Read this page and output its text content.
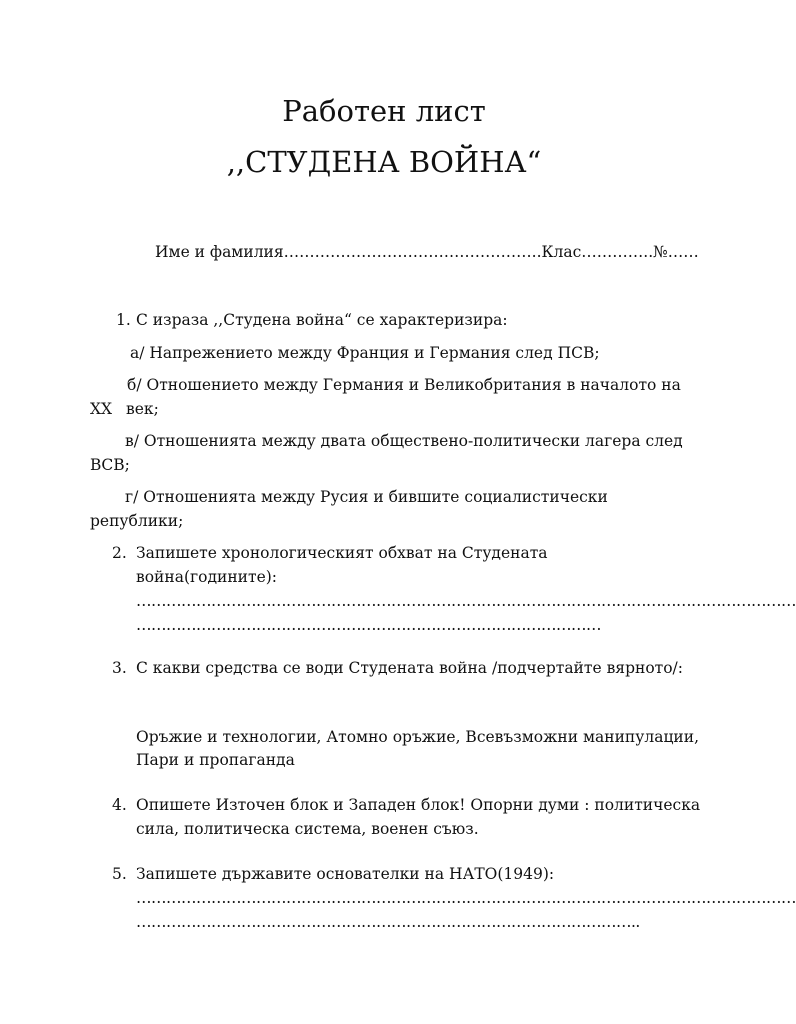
Работен лист
,,СТУДЕНА ВОЙНА“
Име и фамилия…………………………………………..Клас…………..№……
1. С израза ,,Студена война“ се характеризира:
а/ Напрежението между Франция и Германия след ПСВ;
б/ Отношението между Германия и Великобритания в началото на
ХХ век;
в/ Отношенията между двата обществено-политически лагера след
ВСВ;
г/ Отношенията между Русия и бившите социалистически
републики;
2. Запишете хронологическият обхват на Студената
война(годините):
……………………………………………………………………………………………………………………
…………………………………………………………………………………
3. С какви средства се води Студената война /подчертайте вярното/:
Оръжие и технологии, Атомно оръжие, Всевъзможни манипулации,
Пари и пропаганда
4. Опишете Източен блок и Западен блок! Опорни думи : политическа
сила, политическа система, военен съюз.
5. Запишете държавите основателки на НАТО(1949):
……………………………………………………………………………………………………………………
………………………………………………………………………………………..
